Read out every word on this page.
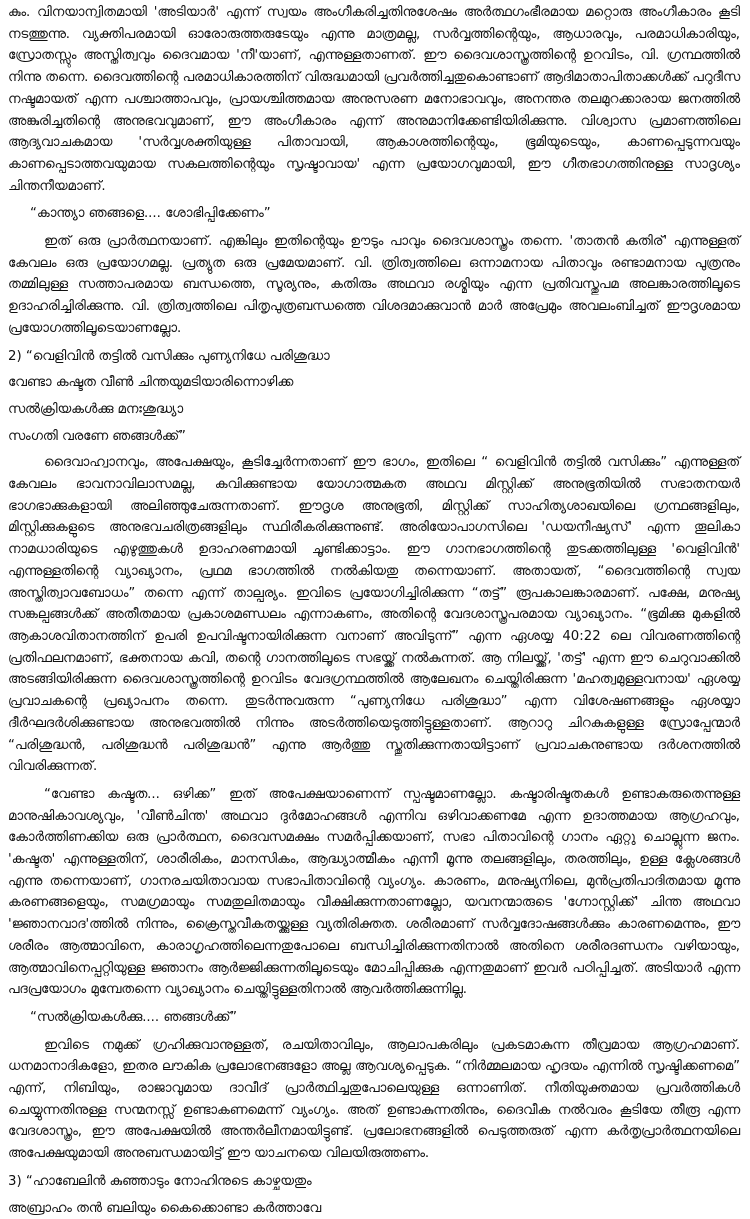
കും. വിനയാന്വിതമായി 'അടിയാർ' എന്ന് സ്വയം അംഗീകരിച്ചതിനുശേഷം അർത്ഥഗംഭീരമായ മറ്റൊരു അംഗീകാരം കൂടി നടത്തുന്നു. വ്യക്തിപരമായി ഓരോരുത്തരുടേയും എന്നു മാത്രമല്ല, സർവ്വത്തിന്റെയും, ആധാരവും, പരമാധികാരിയും, സ്രോതസ്സും അസ്തിത്വവും ദൈവമായ 'നീ'യാണ്, എന്നുള്ളതാണത്. ഈ ദൈവശാസ്ത്രത്തിന്റെ ഉറവിടം, വി. ഗ്രന്ഥത്തിൽ നിന്നു തന്നെ. ദൈവത്തിന്റെ പരമാധികാരത്തിന് വിരുദ്ധമായി പ്രവർത്തിച്ചതുകൊണ്ടാണ് ആദിമാതാപിതാക്കൾക്ക് പറുദീസ നഷ്ടമായത് എന്ന പശ്ചാത്താപവും, പ്രായശ്ചിത്തമായ അനുസരണ മനോഭാവവും, അനന്തര തലമുറക്കാരായ ജനത്തിൽ അങ്കുരിച്ചതിന്റെ അനുഭവവുമാണ്, ഈ അംഗീകാരം എന്ന് അനുമാനിക്കേണ്ടിയിരിക്കുന്നു. വിശ്വാസ പ്രമാണത്തിലെ ആദ്യവാചകമായ 'സർവ്വശക്തിയുള്ള പിതാവായി, ആകാശത്തിന്റെയും, ഭൂമിയുടെയും, കാണപ്പെടുന്നവയും കാണപ്പെടാത്തവയുമായ സകലത്തിന്റെയും സൃഷ്ടാവായ' എന്ന പ്രയോഗവുമായി, ഈ ഗീതഭാഗത്തിനുള്ള സാദൃശ്യം ചിന്തനീയമാണ്.

“കാന്ത്യാ ഞങ്ങളെ.... ശോഭിപ്പിക്കേണം”

ഇത് ഒരു പ്രാർത്ഥനയാണ്. എങ്കിലും ഇതിന്റെയും ഊടും പാവും ദൈവശാസ്ത്രം തന്നെ. 'താതൻ കതിര്' എന്നുള്ളത് കേവലം ഒരു പ്രയോഗമല്ല. പ്രത്യുത ഒരു പ്രമേയമാണ്. വി. ത്രിത്വത്തിലെ ഒന്നാമനായ പിതാവും രണ്ടാമനായ പുത്രനും തമ്മിലുള്ള സത്താപരമായ ബന്ധത്തെ, സൂര്യനും, കതിരും അഥവാ രശ്മിയും എന്ന പ്രതിവസ്തുപമ അലങ്കാരത്തിലൂടെ ഉദാഹരിച്ചിരിക്കുന്നു. വി. ത്രിത്വത്തിലെ പിതൃപുത്രബന്ധത്തെ വിശദമാക്കുവാൻ മാർ അപ്രേമും അവലംബിച്ചത് ഈദൃശമായ പ്രയോഗത്തിലൂടെയാണല്ലോ.

2) “വെളിവിൻ തട്ടിൽ വസിക്കും പുണ്യനിധേ പരിശുദ്ധാ
വേണ്ടാ കഷ്ടത വീൺ ചിന്തയുമടിയാരിന്നൊഴിക്ക
സൽക്രിയകൾക്കു മനഃശുദ്ധ്യാ
സംഗതി വരണേ ഞങ്ങൾക്ക്”

ദൈവാഹ്വാനവും, അപേക്ഷയും, കൂടിച്ചേർന്നതാണ് ഈ ഭാഗം, ഇതിലെ “ വെളിവിൻ തട്ടിൽ വസിക്കും” എന്നുള്ളത് കേവലം ഭാവനാവിലാസമല്ല, കവിക്കുണ്ടായ യോഗാത്മകത അഥവ മിസ്റ്റിക്ക് അനുഭൂതിയിൽ സഭാതനയർ ഭാഗഭാക്കുകളായി അലിഞ്ഞുചേരുന്നതാണ്. ഈദൃശ അനുഭൂതി, മിസ്റ്റിക്ക് സാഹിത്യശാഖയിലെ ഗ്രന്ഥങ്ങളിലും, മിസ്റ്റിക്കുകളുടെ അനുഭവചരിത്രങ്ങളിലും സ്ഥിരീകരിക്കുന്നുണ്ട്. അരിയോപാഗസിലെ 'ഡയനീഷ്യസ്' എന്ന തൂലികാ നാമധാരിയുടെ എഴുത്തുകൾ ഉദാഹരണമായി ചൂണ്ടിക്കാട്ടാം. ഈ ഗാനഭാഗത്തിന്റെ തുടക്കത്തിലുള്ള 'വെളിവിൻ' എന്നുള്ളതിന്റെ വ്യാഖ്യാനം, പ്രഥമ ഭാഗത്തിൽ നൽകിയതു തന്നെയാണ്. അതായത്, “ദൈവത്തിന്റെ സ്വയ അസ്തിത്വാവബോധം” തന്നെ എന്ന് താല്പര്യം. ഇവിടെ പ്രയോഗിച്ചിരിക്കുന്ന “തട്ട്” രൂപകാലങ്കാരമാണ്. പക്ഷേ, മനുഷ്യ സങ്കല്പങ്ങൾക്ക് അതീതമായ പ്രകാശമണ്ഡലം എന്നാകണം, അതിന്റെ വേദശാസ്ത്രപരമായ വ്യാഖ്യാനം. “ഭൂമിക്കു മുകളിൽ ആകാശവിതാനത്തിന് ഉപരി ഉപവിഷ്ടനായിരിക്കുന്ന വനാണ് അവിടുന്ന്” എന്ന ഏശയ്യ 40:22 ലെ വിവരണത്തിന്റെ പ്രതിഫലനമാണ്, ഭക്തനായ കവി, തന്റെ ഗാനത്തിലൂടെ സഭയ്ക്ക് നൽകുന്നത്. ആ നിലയ്ക്ക്, 'തട്ട്' എന്ന ഈ ചെറുവാക്കിൽ അടങ്ങിയിരിക്കുന്ന ദൈവശാസ്ത്രത്തിന്റെ ഉറവിടം വേദഗ്രന്ഥത്തിൽ ആലേഖനം ചെയ്തിരിക്കുന്ന 'മഹത്വമുള്ളവനായ' ഏശയ്യ പ്രവാചകന്റെ പ്രഖ്യാപനം തന്നെ. തുടർന്നുവരുന്ന “പുണ്യനിധേ പരിശുദ്ധാ” എന്ന വിശേഷണങ്ങളും ഏശയ്യാ ദീർഘദർശിക്കുണ്ടായ അനുഭവത്തിൽ നിന്നും അടർത്തിയെടുത്തിട്ടുള്ളതാണ്. ആറാറു ചിറകുകളുള്ള സ്രോപ്പേന്മാർ “പരിശുദ്ധൻ, പരിശുദ്ധൻ പരിശുദ്ധൻ” എന്നു ആർത്തു സ്തുതിക്കുന്നതായിട്ടാണ് പ്രവാചകനുണ്ടായ ദർശനത്തിൽ വിവരിക്കുന്നത്.

“വേണ്ടാ കഷ്ടത... ഒഴിക്ക” ഇത് അപേക്ഷയാണെന്ന് സ്പഷ്ടമാണല്ലോ. കഷ്ടാരിഷ്ടതകൾ ഉണ്ടാകരുതെന്നുള്ള മാനുഷികാവശ്യവും, 'വീൺചിന്ത' അഥവാ ദുർമോഹങ്ങൾ എന്നിവ ഒഴിവാക്കണമേ എന്ന ഉദാത്തമായ ആഗ്രഹവും, കോർത്തിണക്കിയ ഒരു പ്രാർത്ഥന, ദൈവസമക്ഷം സമർപ്പിക്കയാണ്, സഭാ പിതാവിന്റെ ഗാനം ഏറ്റു ചൊല്ലുന്ന ജനം. 'കഷ്ടത' എന്നുള്ളതിന്, ശാരീരികം, മാനസികം, ആദ്ധ്യാത്മീകം എന്നീ മൂന്നു തലങ്ങളിലും, തരത്തിലും, ഉള്ള ക്ലേശങ്ങൾ എന്നു തന്നെയാണ്, ഗാനരചയിതാവായ സഭാപിതാവിന്റെ വ്യംഗ്യം. കാരണം, മനുഷ്യനിലെ, മുൻപ്രതിപാദിതമായ മൂന്നു കരണങ്ങളെയും, സമഗ്രമായും സമതുലിതമായും വീക്ഷിക്കുന്നതാണല്ലോ, യവനന്മാരുടെ 'ഗ്നോസ്റ്റിക്ക്' ചിന്ത അഥവാ 'ജ്ഞാനവാദ'ത്തിൽ നിന്നും, ക്രൈസ്തവീകതയ്ക്കുള്ള വ്യതിരിക്തത. ശരീരമാണ് സർവ്വദോഷങ്ങൾക്കും കാരണമെന്നും, ഈ ശരീരം ആത്മാവിനെ, കാരാഗൃഹത്തിലെന്നതുപോലെ ബന്ധിച്ചിരിക്കുന്നതിനാൽ അതിനെ ശരീരദണ്ഡനം വഴിയായും, ആത്മാവിനെപ്പറ്റിയുള്ള ജ്ഞാനം ആർജ്ജിക്കുന്നതിലൂടെയും മോചിപ്പിക്കുക എന്നതുമാണ് ഇവർ പഠിപ്പിച്ചത്. അടിയാർ എന്ന പദപ്രയോഗം മുമ്പേതന്നെ വ്യാഖ്യാനം ചെയ്തിട്ടുള്ളതിനാൽ ആവർത്തിക്കുന്നില്ല.

“സൽക്രിയകൾക്കു.... ഞങ്ങൾക്ക്”

ഇവിടെ നമുക്ക് ഗ്രഹിക്കുവാനുള്ളത്, രചയിതാവിലും, ആലാപകരിലും പ്രകടമാകുന്ന തീവ്രമായ ആഗ്രഹമാണ്. ധനമാനാദികളോ, ഇതര ലൗകിക പ്രലോഭനങ്ങളോ അല്ല ആവശ്യപ്പെടുക. “നിർമ്മലമായ ഹൃദയം എന്നിൽ സൃഷ്ടിക്കണമെ” എന്ന്, നിബിയും, രാജാവുമായ ദാവീദ് പ്രാർത്ഥിച്ചതുപോലെയുള്ള ഒന്നാണിത്. നീതിയുക്തമായ പ്രവർത്തികൾ ചെയ്യുന്നതിനുള്ള സന്മനസ്സ് ഉണ്ടാകണമെന്ന് വ്യംഗ്യം. അത് ഉണ്ടാകുന്നതിനും, ദൈവീക നൽവരം കൂടിയേ തീരൂ എന്ന വേദശാസ്ത്രം, ഈ അപേക്ഷയിൽ അന്തർലീനമായിട്ടുണ്ട്. പ്രലോഭനങ്ങളിൽ പെടുത്തരുത് എന്ന കർതൃപ്രാർത്ഥനയിലെ അപേക്ഷയുമായി അനുബന്ധമായിട്ട് ഈ യാചനയെ വിലയിരുത്തണം.

3) “ഹാബേലിൻ കുഞ്ഞാടും നോഹിനുടെ കാഴ്ചയതും
അബ്രാഹം തൻ ബലിയും കൈക്കൊണ്ടാ കർത്താവേ
